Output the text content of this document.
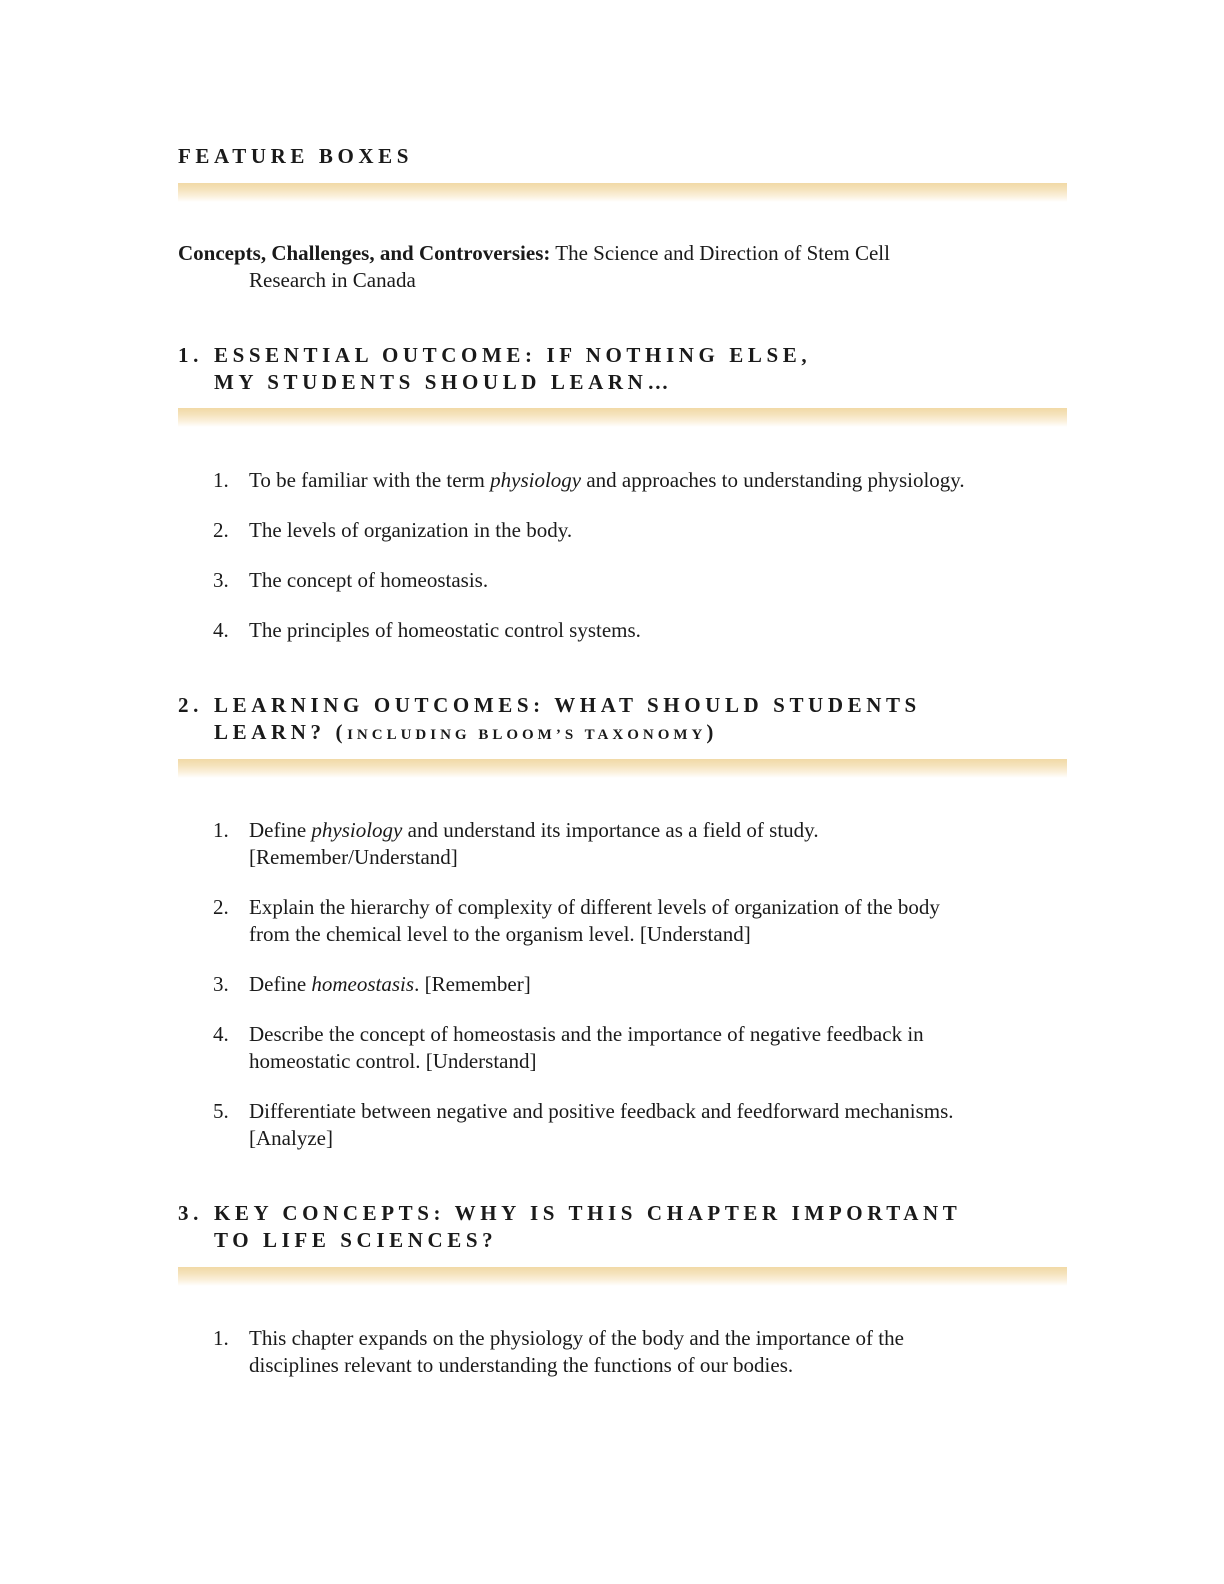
FEATURE BOXES
Concepts, Challenges, and Controversies: The Science and Direction of Stem Cell
Research in Canada
1. ESSENTIAL OUTCOME: IF NOTHING ELSE,
MY STUDENTS SHOULD LEARN…
1. To be familiar with the term physiology and approaches to understanding physiology.
2. The levels of organization in the body.
3. The concept of homeostasis.
4. The principles of homeostatic control systems.
2. LEARNING OUTCOMES: WHAT SHOULD STUDENTS
LEARN? (INCLUDING BLOOM’S TAXONOMY)
1. Define physiology and understand its importance as a field of study.
[Remember/Understand]
2. Explain the hierarchy of complexity of different levels of organization of the body
from the chemical level to the organism level. [Understand]
3. Define homeostasis. [Remember]
4. Describe the concept of homeostasis and the importance of negative feedback in
homeostatic control. [Understand]
5. Differentiate between negative and positive feedback and feedforward mechanisms.
[Analyze]
3. KEY CONCEPTS: WHY IS THIS CHAPTER IMPORTANT
TO LIFE SCIENCES?
1. This chapter expands on the physiology of the body and the importance of the
disciplines relevant to understanding the functions of our bodies.
